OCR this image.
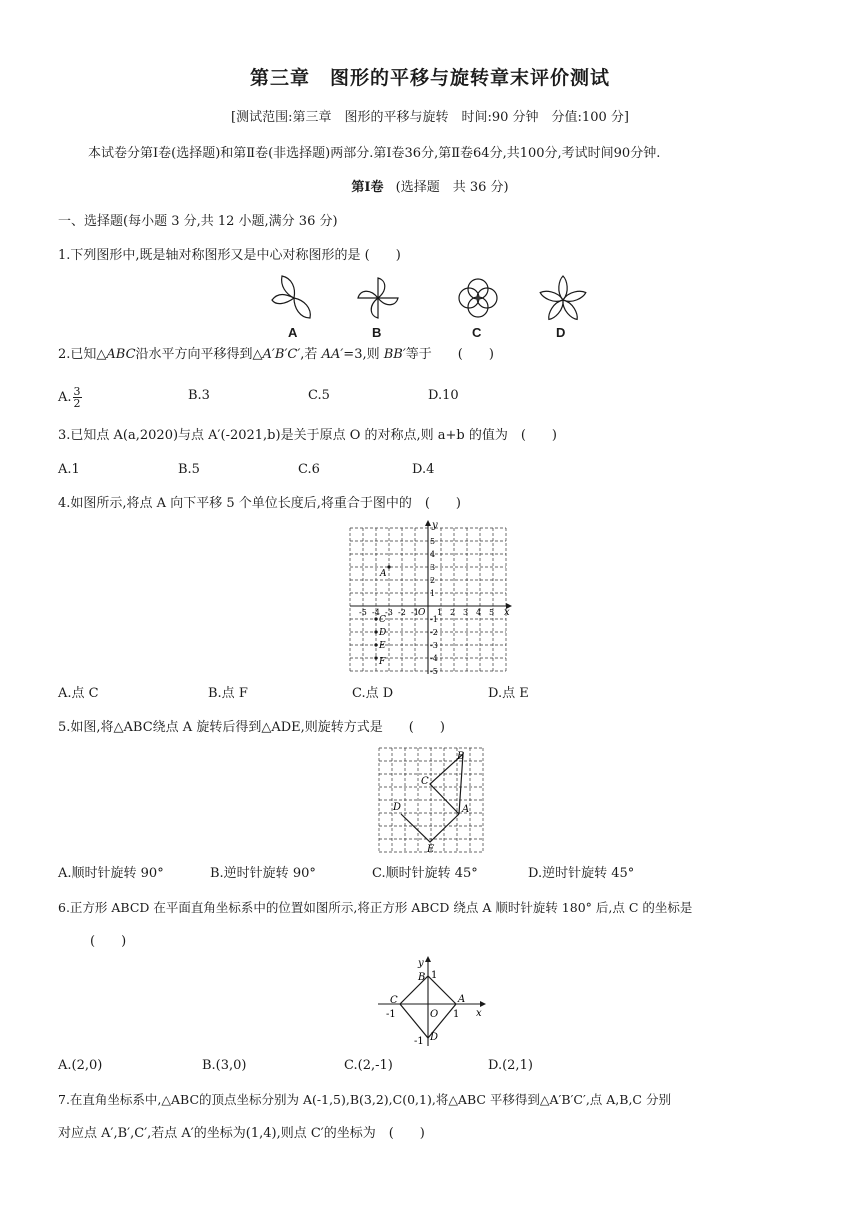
第三章　图形的平移与旋转章末评价测试
[测试范围:第三章　图形的平移与旋转　时间:90 分钟　分值:100 分]
本试卷分第Ⅰ卷(选择题)和第Ⅱ卷(非选择题)两部分.第Ⅰ卷36分,第Ⅱ卷64分,共100分,考试时间90分钟.
第Ⅰ卷 (选择题　共 36 分)
一、选择题(每小题 3 分,共 12 小题,满分 36 分)
1.下列图形中,既是轴对称图形又是中心对称图形的是 (　　)
A	B	C	D
2.已知△ABC沿水平方向平移得到△A′B′C′,若 AA′=3,则 BB′等于　　(　　)
A. $\frac{3}{2}$	B.3	C.5	D.10
3.已知点 A(a,2020)与点 A′(-2021,b)是关于原点 O 的对称点,则 a+b 的值为　(　　)
A.1	B.5	C.6	D.4
4.如图所示,将点 A 向下平移 5 个单位长度后,将重合于图中的　(　　)
x
y
O
-5 -4 -3 -2 -1 1 2 3 4 5
5
4
3
2
1
-1
-2
-3
-4
-5
A
C
D
E
F
A.点 C	B.点 F	C.点 D	D.点 E
5.如图,将△ABC绕点 A 旋转后得到△ADE,则旋转方式是　　(　　)
A
B
C
D
E
A.顺时针旋转 90°	B.逆时针旋转 90°	C.顺时针旋转 45°	D.逆时针旋转 45°
6.正方形 ABCD 在平面直角坐标系中的位置如图所示,将正方形 ABCD 绕点 A 顺时针旋转 180° 后,点 C 的坐标是
(　　)
x
y
O
A
B
C
D
1
-1	1
-1
A.(2,0)	B.(3,0)	C.(2,-1)	D.(2,1)
7.在直角坐标系中,△ABC的顶点坐标分别为 A(-1,5),B(3,2),C(0,1),将△ABC 平移得到△A′B′C′,点 A,B,C 分别
对应点 A′,B′,C′,若点 A′的坐标为(1,4),则点 C′的坐标为　(　　)
